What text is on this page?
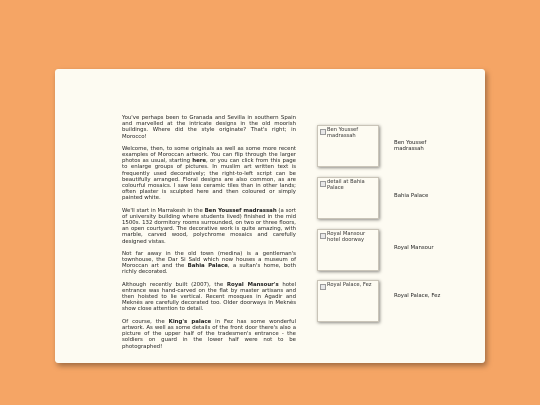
You've perhaps been to Granada and Sevilla in southern Spain and marvelled at the intricate designs in the old moorish buildings. Where did the style originate? That's right; in Morocco!

Welcome, then, to some originals as well as some more recent examples of Moroccan artwork. You can flip through the larger photos as usual, starting here, or you can click from this page to enlarge groups of pictures. In muslim art written text is frequently used decoratively; the right-to-left script can be beautifully arranged. Floral designs are also common, as are colourful mosaics. I saw less ceramic tiles than in other lands; often plaster is sculpted here and then coloured or simply painted white.

We'll start in Marrakesh in the Ben Youssef madrassah (a sort of university building where students lived) finished in the mid 1500s. 132 dormitory rooms surrounded, on two or three floors, an open courtyard. The decorative work is quite amazing, with marble, carved wood, polychrome mosaics and carefully designed vistas.

Not far away in the old town (medina) is a gentleman's townhouse, the Dar Si Saïd which now houses a museum of Moroccan art and the Bahia Palace, a sultan's home, both richly decorated.

Although recently built (2007), the Royal Mansour's hotel entrance was hand-carved on the flat by master artisans and then hoisted to lie vertical. Recent mosques in Agadir and Meknès are carefully decorated too. Older doorways in Meknès show close attention to detail.

Of course, the King's palace in Fez has some wonderful artwork. As well as some details of the front door there's also a picture of the upper half of the tradesmen's entrance - the soldiers on guard in the lower half were not to be photographed!

Ben Youssef madrassah
Ben Youssef madrassah
detail at Bahia Palace
Bahia Palace
Royal Mansour hotel doorway
Royal Mansour
Royal Palace, Fez
Royal Palace, Fez
